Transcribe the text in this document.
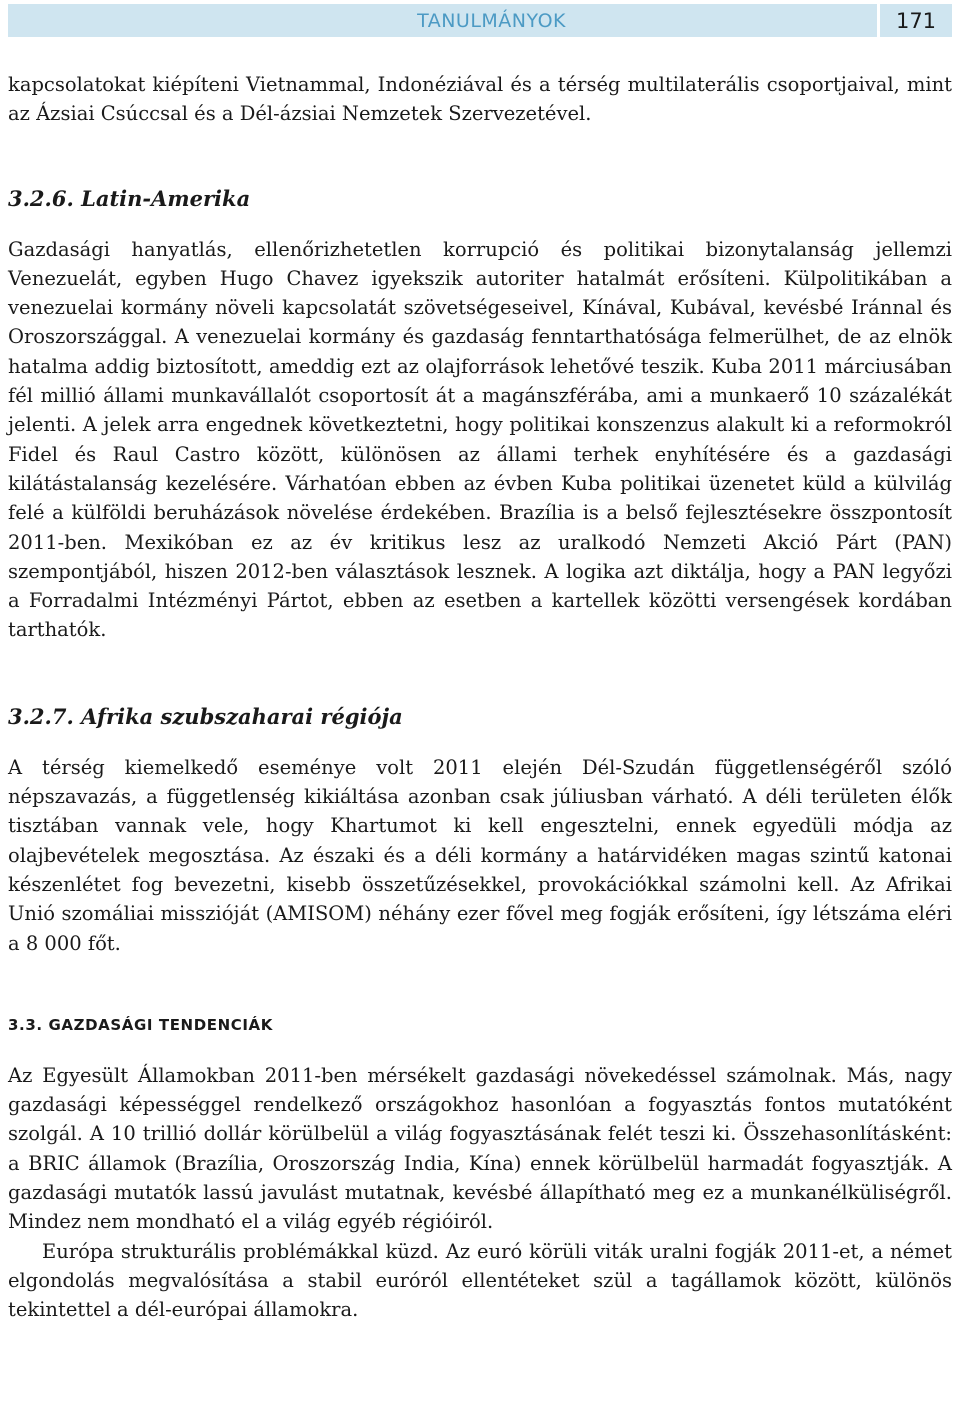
TANULMÁNYOK	171

kapcsolatokat kiépíteni Vietnammal, Indonéziával és a térség multilaterális csoportjaival, mint az Ázsiai Csúccsal és a Dél-ázsiai Nemzetek Szervezetével.

3.2.6. Latin-Amerika

Gazdasági hanyatlás, ellenőrizhetetlen korrupció és politikai bizonytalanság jellemzi Venezuelát, egyben Hugo Chavez igyekszik autoriter hatalmát erősíteni. Külpolitikában a venezuelai kormány növeli kapcsolatát szövetségeseivel, Kínával, Kubával, kevésbé Iránnal és Oroszországgal. A venezuelai kormány és gazdaság fenntarthatósága felmerülhet, de az elnök hatalma addig biztosított, ameddig ezt az olajforrások lehetővé teszik. Kuba 2011 márciusában fél millió állami munkavállalót csoportosít át a magánszférába, ami a munkaerő 10 százalékát jelenti. A jelek arra engednek következtetni, hogy politikai konszenzus alakult ki a reformokról Fidel és Raul Castro között, különösen az állami terhek enyhítésére és a gazdasági kilátástalanság kezelésére. Várhatóan ebben az évben Kuba politikai üzenetet küld a külvilág felé a külföldi beruházások növelése érdekében. Brazília is a belső fejlesztésekre összpontosít 2011-ben. Mexikóban ez az év kritikus lesz az uralkodó Nemzeti Akció Párt (PAN) szempontjából, hiszen 2012-ben választások lesznek. A logika azt diktálja, hogy a PAN legyőzi a Forradalmi Intézményi Pártot, ebben az esetben a kartellek közötti versengések kordában tarthatók.

3.2.7. Afrika szubszaharai régiója

A térség kiemelkedő eseménye volt 2011 elején Dél-Szudán függetlenségéről szóló népszavazás, a függetlenség kikiáltása azonban csak júliusban várható. A déli területen élők tisztában vannak vele, hogy Khartumot ki kell engesztelni, ennek egyedüli módja az olajbevételek megosztása. Az északi és a déli kormány a határvidéken magas szintű katonai készenlétet fog bevezetni, kisebb összetűzésekkel, provokációkkal számolni kell. Az Afrikai Unió szomáliai misszióját (AMISOM) néhány ezer fővel meg fogják erősíteni, így létszáma eléri a 8 000 főt.

3.3. GAZDASÁGI TENDENCIÁK

Az Egyesült Államokban 2011-ben mérsékelt gazdasági növekedéssel számolnak. Más, nagy gazdasági képességgel rendelkező országokhoz hasonlóan a fogyasztás fontos mutatóként szolgál. A 10 trillió dollár körülbelül a világ fogyasztásának felét teszi ki. Összehasonlításként: a BRIC államok (Brazília, Oroszország India, Kína) ennek körülbelül harmadát fogyasztják. A gazdasági mutatók lassú javulást mutatnak, kevésbé állapítható meg ez a munkanélküliségről. Mindez nem mondható el a világ egyéb régióiról.

Európa strukturális problémákkal küzd. Az euró körüli viták uralni fogják 2011-et, a német elgondolás megvalósítása a stabil euróról ellentéteket szül a tagállamok között, különös tekintettel a dél-európai államokra.
